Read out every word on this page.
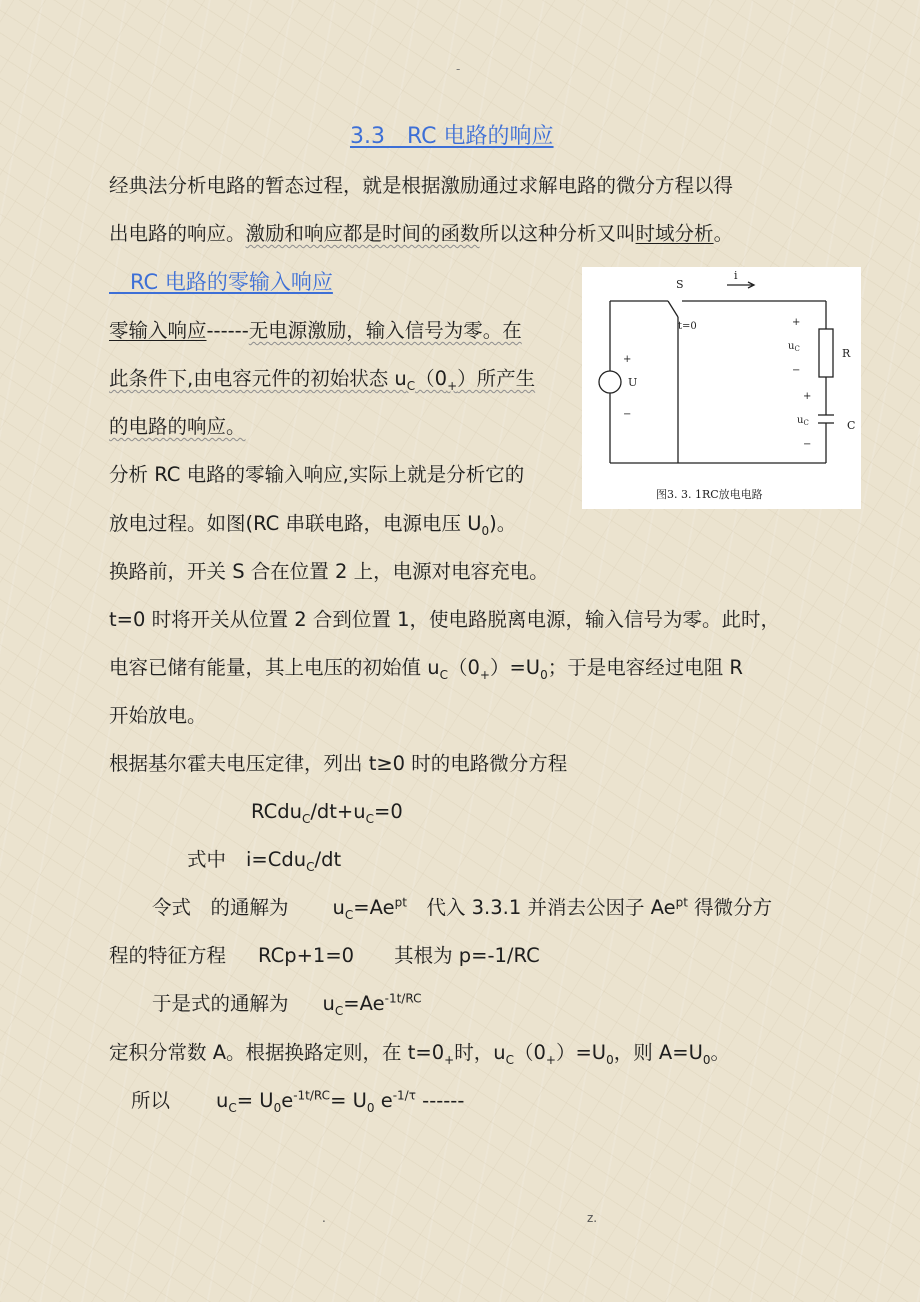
-
3.3　RC 电路的响应
经典法分析电路的暂态过程，就是根据激励通过求解电路的微分方程以得
出电路的响应。激励和响应都是时间的函数所以这种分析又叫时域分析。
　RC 电路的零输入响应
零输入响应------无电源激励，输入信号为零。在
此条件下,由电容元件的初始状态 $u_C(0_+)$所产生
的电路的响应。
分析 RC 电路的零输入响应,实际上就是分析它的
放电过程。如图(RC 串联电路，电源电压 $U_0$)。
换路前，开关 S 合在位置 2 上，电源对电容充电。
t=0 时将开关从位置 2 合到位置 1，使电路脱离电源，输入信号为零。此时，
电容已储有能量，其上电压的初始值 $u_C(0_+)=U_0$；于是电容经过电阻 R
开始放电。
根据基尔霍夫电压定律，列出 t≥0 时的电路微分方程
$RCdu_C/dt+u_C=0$
式中 i=Cdu$_C$/dt
令式　的通解为 $u_C=Ae^{pt}$　代入 3.3.1 并消去公因子 $Ae^{pt}$ 得微分方
程的特征方程 RCp+1=0 其根为 p=-1/RC
于是式的通解为 $u_C=Ae^{-1t/RC}$
定积分常数 A。根据换路定则，在 $t=0_+$时，$u_C(0_+)=U_0$，则 $A=U_0$。
所以 $u_C= U_0e^{-1t/RC}= U_0$ $e^{-1/\tau}$ ------
S
i
t=0
+
U
−
+
$u_C$
−
R
+
$u_C$
−
C
图3. 3. 1RC放电电路
.	z.
